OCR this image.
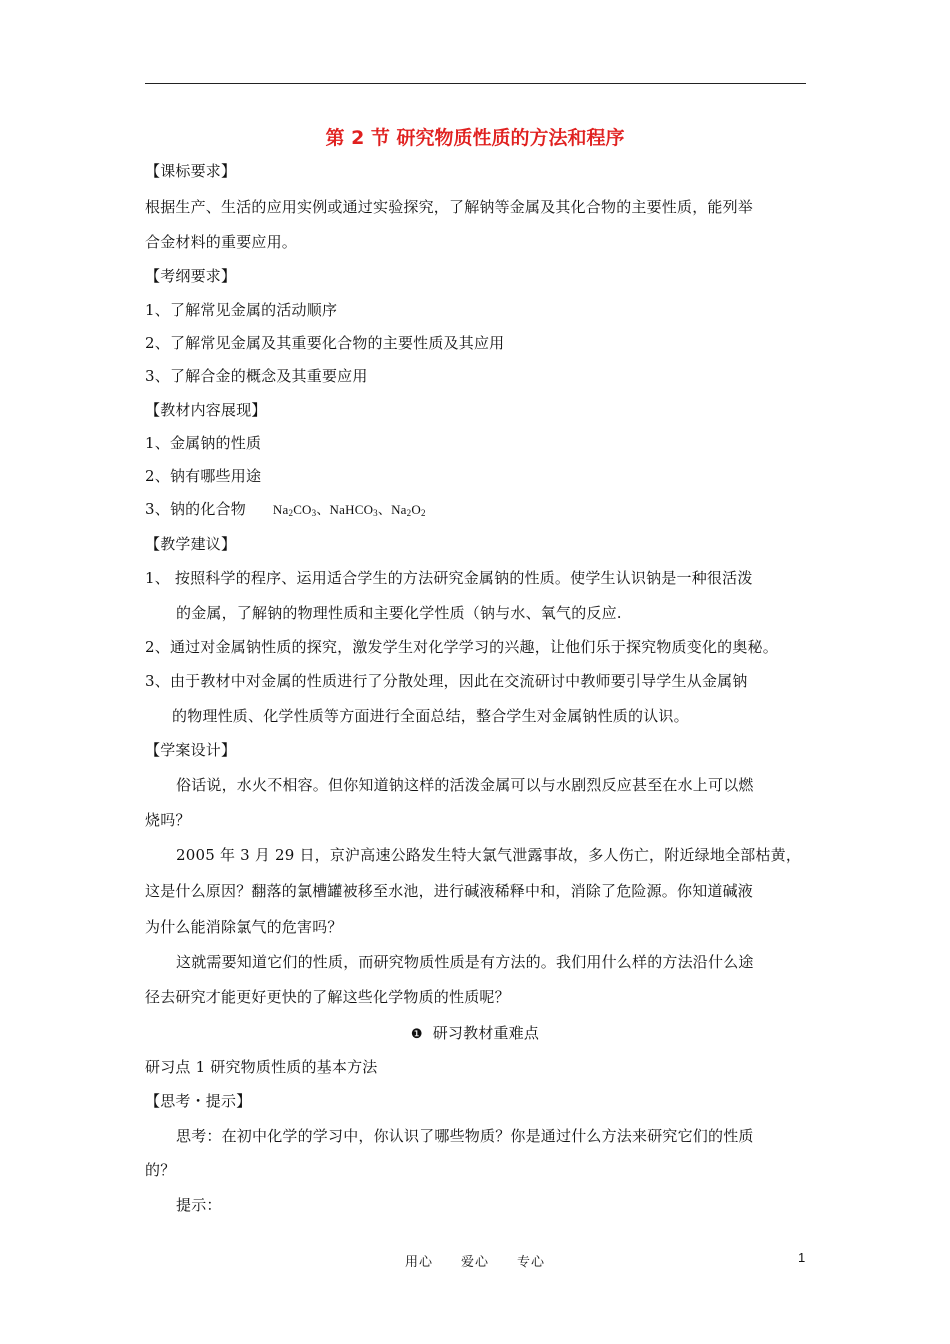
第 2 节 研究物质性质的方法和程序
【课标要求】
根据生产、生活的应用实例或通过实验探究，了解钠等金属及其化合物的主要性质，能列举
合金材料的重要应用。
【考纲要求】
1、了解常见金属的活动顺序
2、了解常见金属及其重要化合物的主要性质及其应用
3、了解合金的概念及其重要应用
【教材内容展现】
1、金属钠的性质
2、钠有哪些用途
3、钠的化合物 $Na_2CO_3$、NaHCO$_3$、$Na_2O_2$
【教学建议】
1、 按照科学的程序、运用适合学生的方法研究金属钠的性质。使学生认识钠是一种很活泼
的金属，了解钠的物理性质和主要化学性质（钠与水、氧气的反应.
2、通过对金属钠性质的探究，激发学生对化学学习的兴趣，让他们乐于探究物质变化的奥秘。
3、由于教材中对金属的性质进行了分散处理，因此在交流研讨中教师要引导学生从金属钠
的物理性质、化学性质等方面进行全面总结，整合学生对金属钠性质的认识。
【学案设计】
俗话说，水火不相容。但你知道钠这样的活泼金属可以与水剧烈反应甚至在水上可以燃
烧吗？
2005 年 3 月 29 日，京沪高速公路发生特大氯气泄露事故，多人伤亡，附近绿地全部枯黄，
这是什么原因？翻落的氯槽罐被移至水池，进行碱液稀释中和，消除了危险源。你知道碱液
为什么能消除氯气的危害吗？
这就需要知道它们的性质，而研究物质性质是有方法的。我们用什么样的方法沿什么途
径去研究才能更好更快的了解这些化学物质的性质呢？
❶ 研习教材重难点
研习点 1 研究物质性质的基本方法
【思考・提示】
思考：在初中化学的学习中，你认识了哪些物质？你是通过什么方法来研究它们的性质
的？
提示：
用心 爱心 专心	1
